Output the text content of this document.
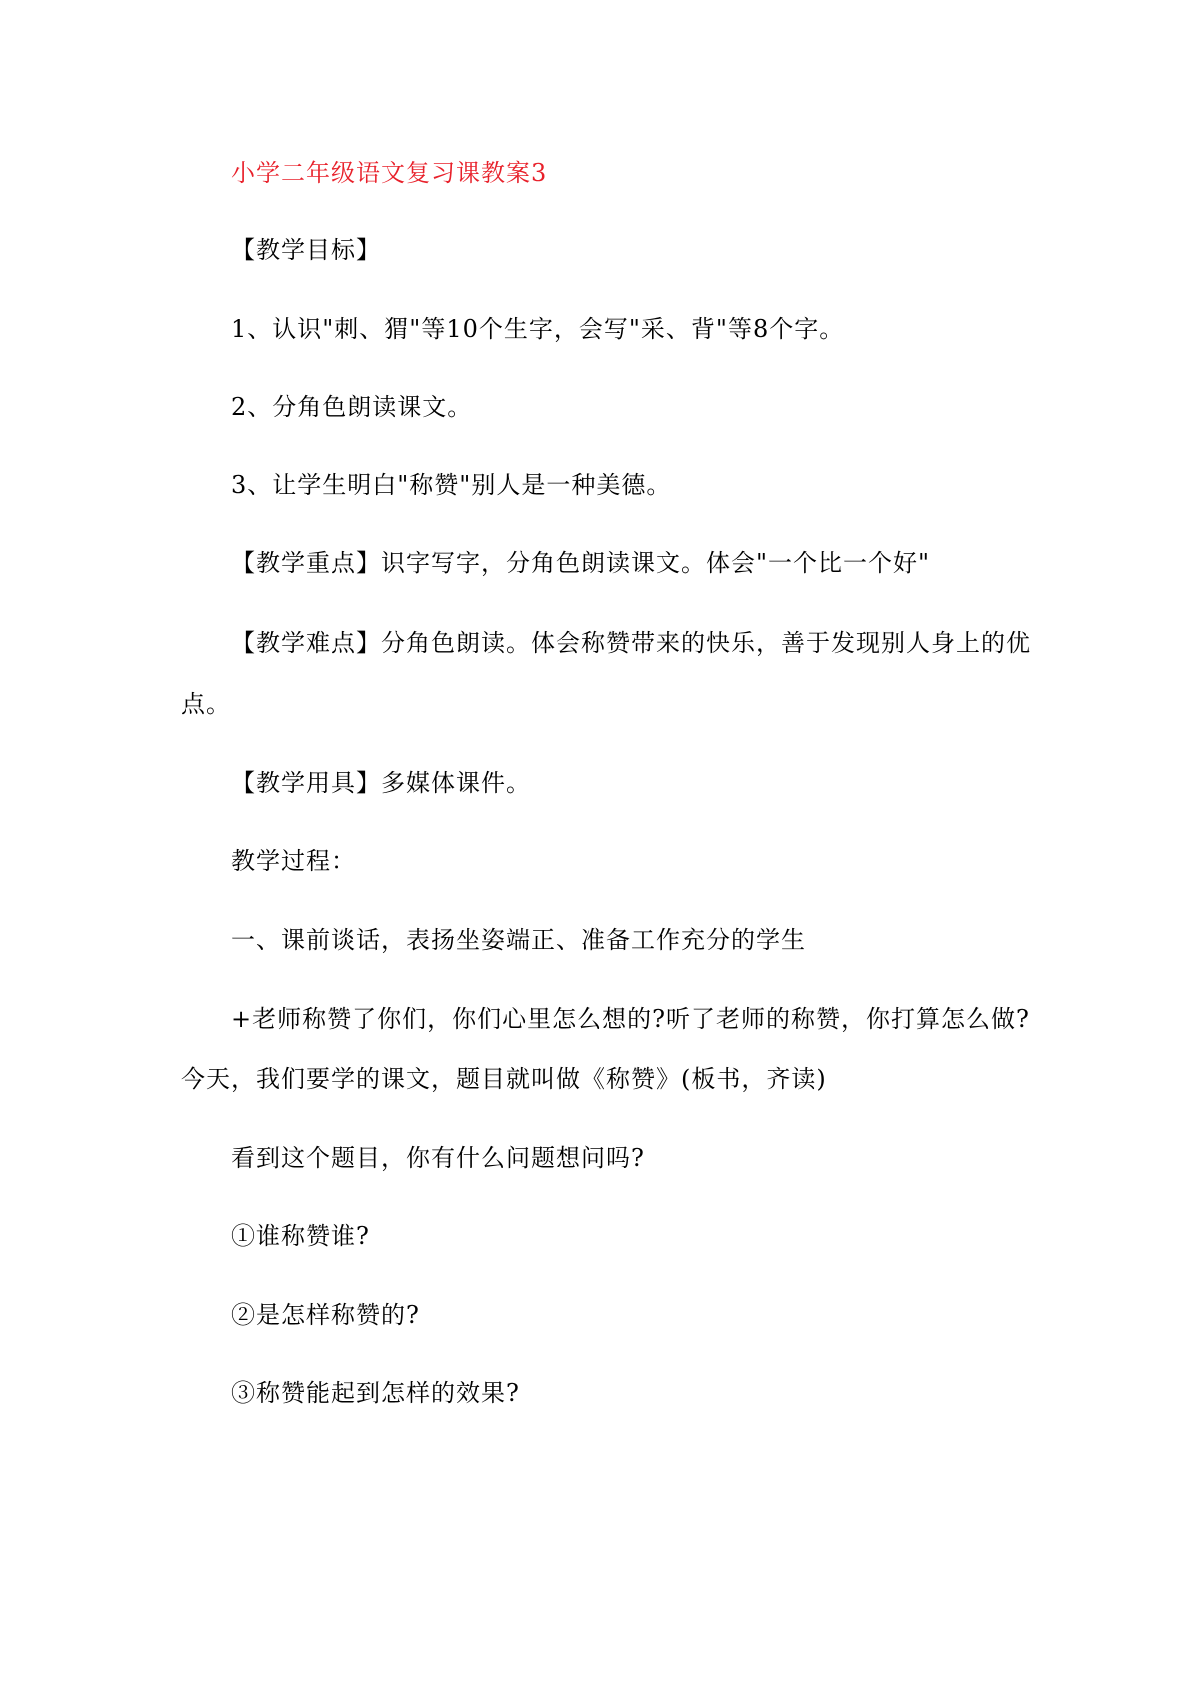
小学二年级语文复习课教案3
【教学目标】
1、认识"刺、猬"等10个生字，会写"采、背"等8个字。
2、分角色朗读课文。
3、让学生明白"称赞"别人是一种美德。
【教学重点】识字写字，分角色朗读课文。体会"一个比一个好"
【教学难点】分角色朗读。体会称赞带来的快乐，善于发现别人身上的优
点。
【教学用具】多媒体课件。
教学过程：
一、课前谈话，表扬坐姿端正、准备工作充分的学生
+老师称赞了你们，你们心里怎么想的?听了老师的称赞，你打算怎么做?
今天，我们要学的课文，题目就叫做《称赞》(板书，齐读)
看到这个题目，你有什么问题想问吗?
①谁称赞谁?
②是怎样称赞的?
③称赞能起到怎样的效果?
